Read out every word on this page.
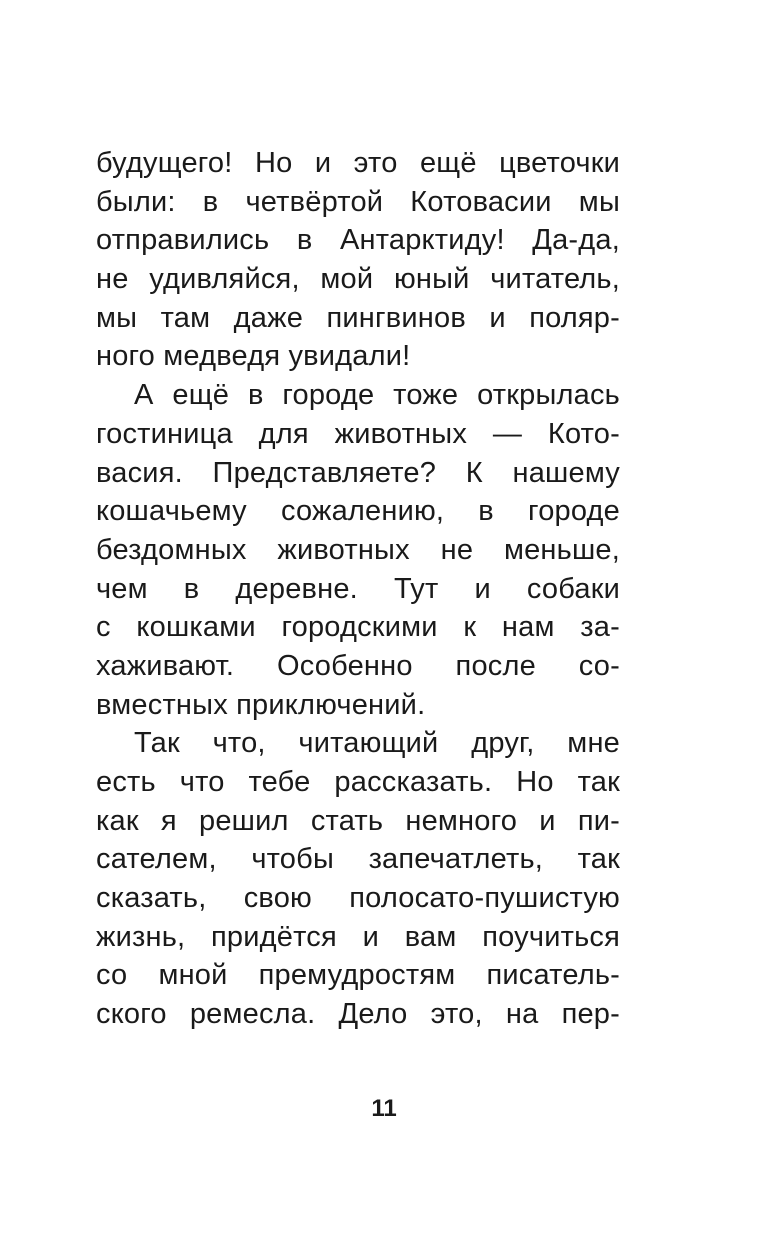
будущего! Но и это ещё цветочки
были: в четвёртой Котовасии мы
отправились в Антарктиду! Да-да,
не удивляйся, мой юный читатель,
мы там даже пингвинов и поляр-
ного медведя увидали!
А ещё в городе тоже открылась
гостиница для животных — Кото-
васия. Представляете? К нашему
кошачьему сожалению, в городе
бездомных животных не меньше,
чем в деревне. Тут и собаки
с кошками городскими к нам за-
хаживают. Особенно после со-
вместных приключений.
Так что, читающий друг, мне
есть что тебе рассказать. Но так
как я решил стать немного и пи-
сателем, чтобы запечатлеть, так
сказать, свою полосато-пушистую
жизнь, придётся и вам поучиться
со мной премудростям писатель-
ского ремесла. Дело это, на пер-
11
